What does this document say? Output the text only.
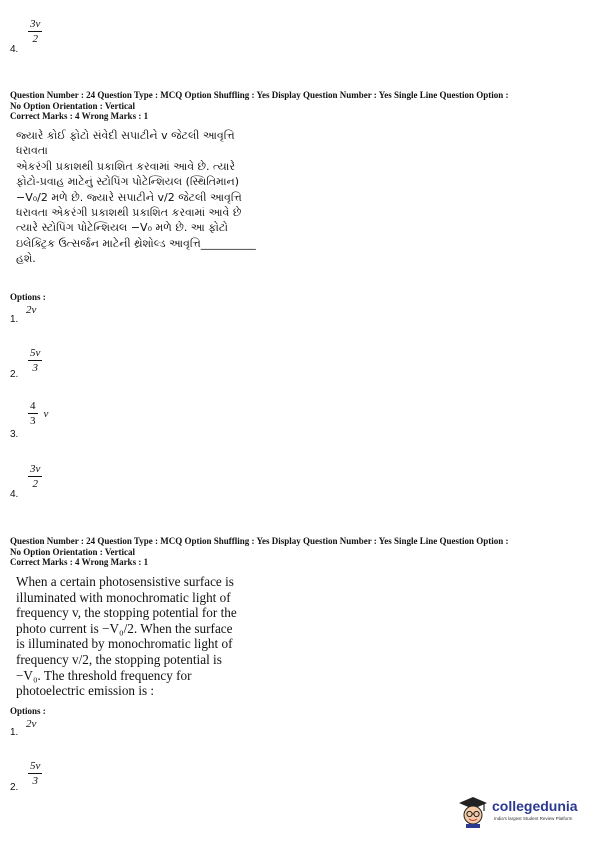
$\frac{3v}{2}$
4.
Question Number : 24 Question Type : MCQ Option Shuffling : Yes Display Question Number : Yes Single Line Question Option :
No Option Orientation : Vertical
Correct Marks : 4 Wrong Marks : 1
જ્યારે કોઈ ફોટો સંવેદી સપાટીને v જેટલી આવૃત્તિ ધરાવતા
એકરંગી પ્રકાશથી પ્રકાશિત કરવામાં આવે છે. ત્યારે
ફોટો-પ્રવાહ માટેનું સ્ટોપિંગ પોટેન્શિયલ (સ્થિતિમાન)
−V₀/2 મળે છે. જ્યારે સપાટીને v/2 જેટલી આવૃત્તિ
ધરાવતા એકરંગી પ્રકાશથી પ્રકાશિત કરવામાં આવે છે
ત્યારે સ્ટોપિંગ પોટેન્શિયલ −V₀ મળે છે. આ ફોટો
ઇલેક્ટ્રિક ઉત્સર્જન માટેની થ્રેશોલ્ડ આવૃત્તિ__________
હશે.
Options :
2v
1.
$\frac{5v}{3}$
2.
$\frac{4}{3}$ v
3.
$\frac{3v}{2}$
4.
Question Number : 24 Question Type : MCQ Option Shuffling : Yes Display Question Number : Yes Single Line Question Option :
No Option Orientation : Vertical
Correct Marks : 4 Wrong Marks : 1
When a certain photosensistive surface is
illuminated with monochromatic light of
frequency v, the stopping potential for the
photo current is −V₀/2. When the surface
is illuminated by monochromatic light of
frequency v/2, the stopping potential is
−V₀. The threshold frequency for
photoelectric emission is :
Options :
2v
1.
$\frac{5v}{3}$
2.
collegedunia
India's largest Student Review Platform
